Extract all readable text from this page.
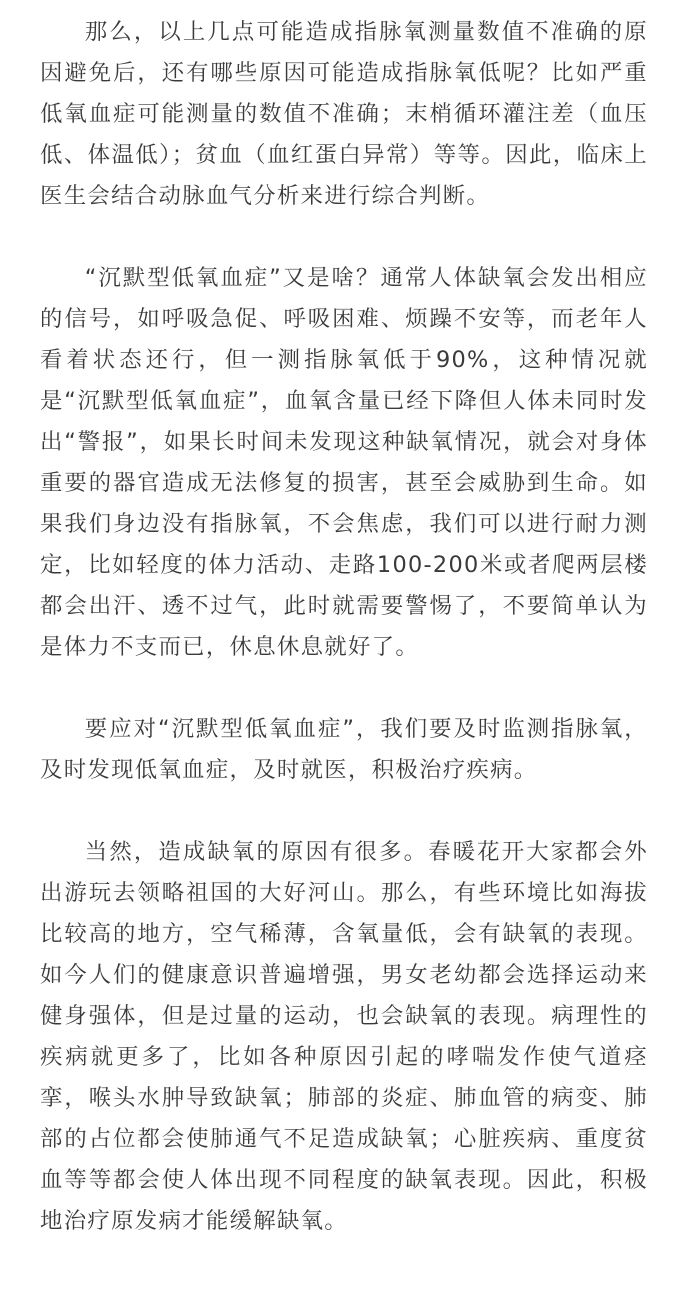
那么，以上几点可能造成指脉氧测量数值不准确的原因避免后，还有哪些原因可能造成指脉氧低呢？比如严重低氧血症可能测量的数值不准确；末梢循环灌注差（血压低、体温低）；贫血（血红蛋白异常）等等。因此，临床上医生会结合动脉血气分析来进行综合判断。

“沉默型低氧血症”又是啥？通常人体缺氧会发出相应的信号，如呼吸急促、呼吸困难、烦躁不安等，而老年人看着状态还行，但一测指脉氧低于90%，这种情况就是“沉默型低氧血症”，血氧含量已经下降但人体未同时发出“警报”，如果长时间未发现这种缺氧情况，就会对身体重要的器官造成无法修复的损害，甚至会威胁到生命。如果我们身边没有指脉氧，不会焦虑，我们可以进行耐力测定，比如轻度的体力活动、走路100-200米或者爬两层楼都会出汗、透不过气，此时就需要警惕了，不要简单认为是体力不支而已，休息休息就好了。

要应对“沉默型低氧血症”，我们要及时监测指脉氧，及时发现低氧血症，及时就医，积极治疗疾病。

当然，造成缺氧的原因有很多。春暖花开大家都会外出游玩去领略祖国的大好河山。那么，有些环境比如海拔比较高的地方，空气稀薄，含氧量低，会有缺氧的表现。如今人们的健康意识普遍增强，男女老幼都会选择运动来健身强体，但是过量的运动，也会缺氧的表现。病理性的疾病就更多了，比如各种原因引起的哮喘发作使气道痉挛，喉头水肿导致缺氧；肺部的炎症、肺血管的病变、肺部的占位都会使肺通气不足造成缺氧；心脏疾病、重度贫血等等都会使人体出现不同程度的缺氧表现。因此，积极地治疗原发病才能缓解缺氧。
